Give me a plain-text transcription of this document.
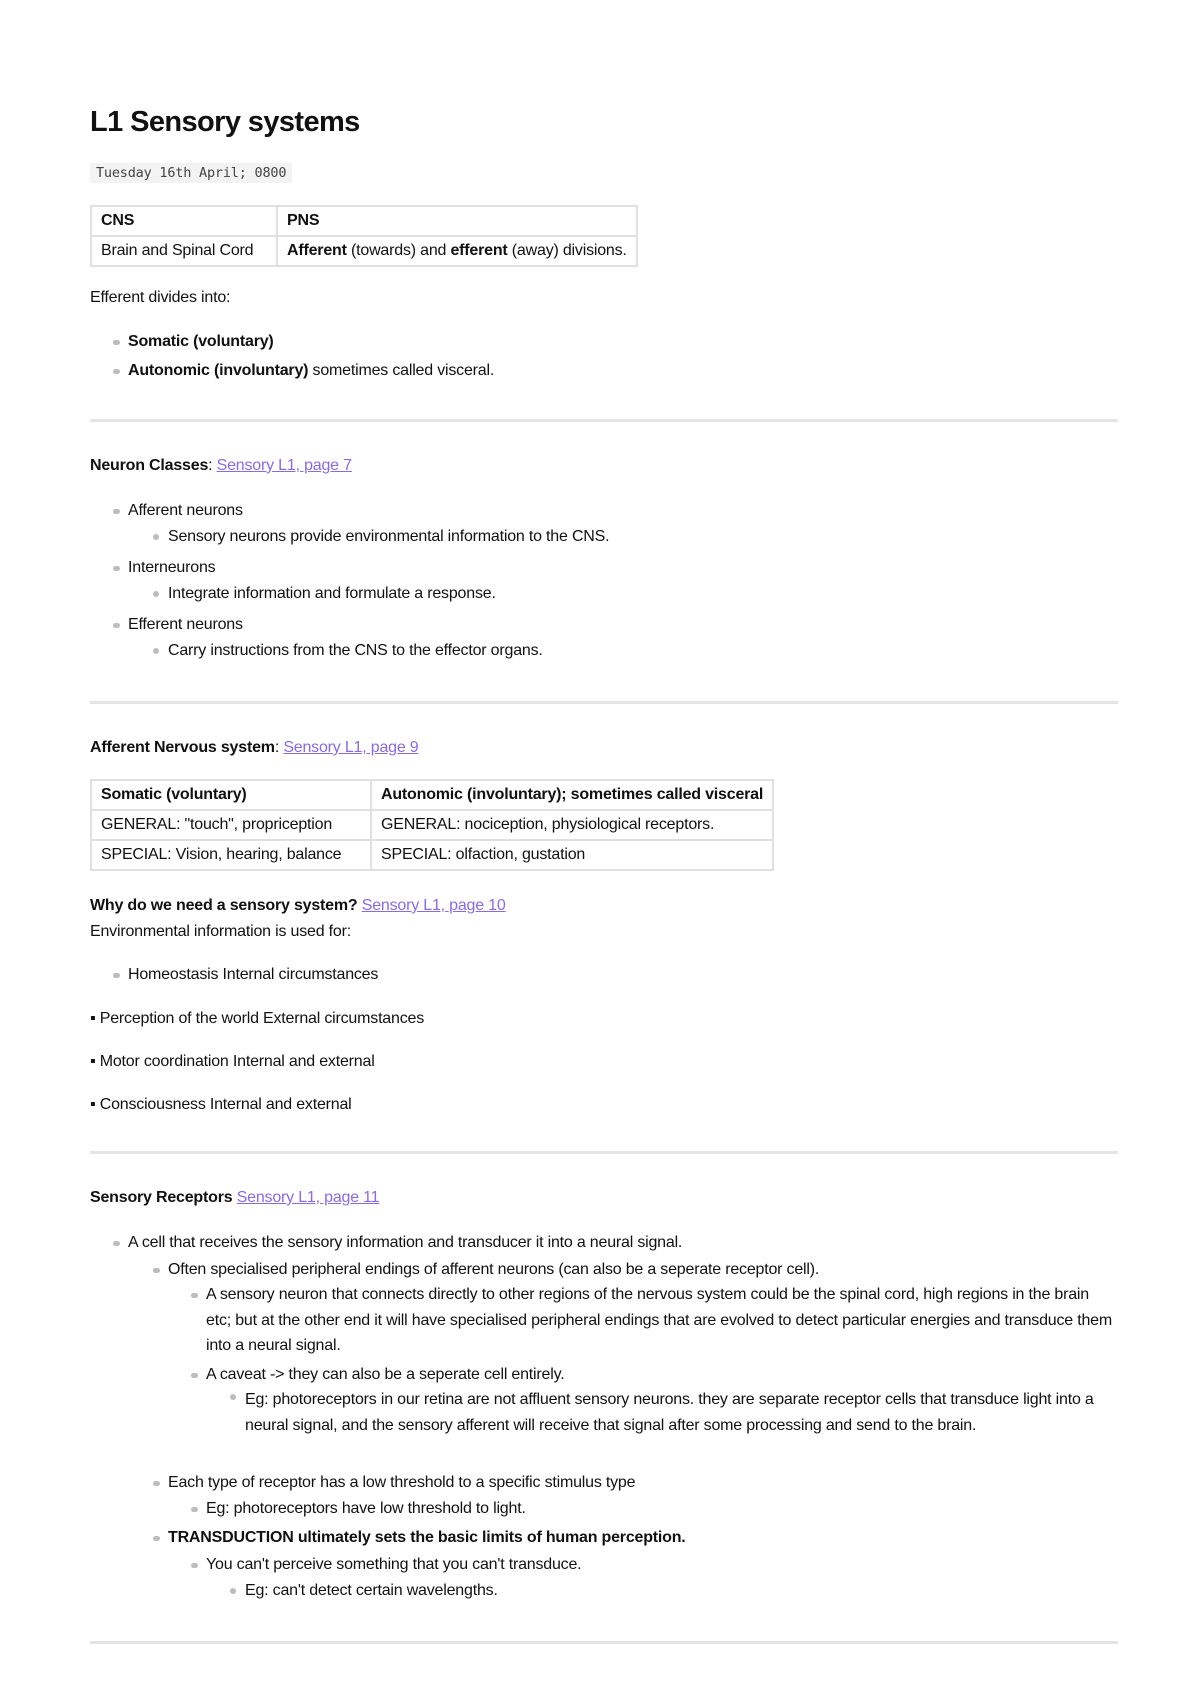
L1 Sensory systems
Tuesday 16th April; 0800
CNS	PNS
Brain and Spinal Cord	Afferent (towards) and efferent (away) divisions.
Efferent divides into:
Somatic (voluntary)
Autonomic (involuntary) sometimes called visceral.
Neuron Classes: Sensory L1, page 7
Afferent neurons
Sensory neurons provide environmental information to the CNS.
Interneurons
Integrate information and formulate a response.
Efferent neurons
Carry instructions from the CNS to the effector organs.
Afferent Nervous system: Sensory L1, page 9
Somatic (voluntary)	Autonomic (involuntary); sometimes called visceral
GENERAL: "touch", propriception	GENERAL: nociception, physiological receptors.
SPECIAL: Vision, hearing, balance	SPECIAL: olfaction, gustation
Why do we need a sensory system? Sensory L1, page 10
Environmental information is used for:
Homeostasis Internal circumstances
▪ Perception of the world External circumstances
▪ Motor coordination Internal and external
▪ Consciousness Internal and external
Sensory Receptors Sensory L1, page 11
A cell that receives the sensory information and transducer it into a neural signal.
Often specialised peripheral endings of afferent neurons (can also be a seperate receptor cell).
A sensory neuron that connects directly to other regions of the nervous system could be the spinal cord, high regions in the brain etc; but at the other end it will have specialised peripheral endings that are evolved to detect particular energies and transduce them into a neural signal.
A caveat -> they can also be a seperate cell entirely.
Eg: photoreceptors in our retina are not affluent sensory neurons. they are separate receptor cells that transduce light into a neural signal, and the sensory afferent will receive that signal after some processing and send to the brain.
Each type of receptor has a low threshold to a specific stimulus type
Eg: photoreceptors have low threshold to light.
TRANSDUCTION ultimately sets the basic limits of human perception.
You can't perceive something that you can't transduce.
Eg: can't detect certain wavelengths.
